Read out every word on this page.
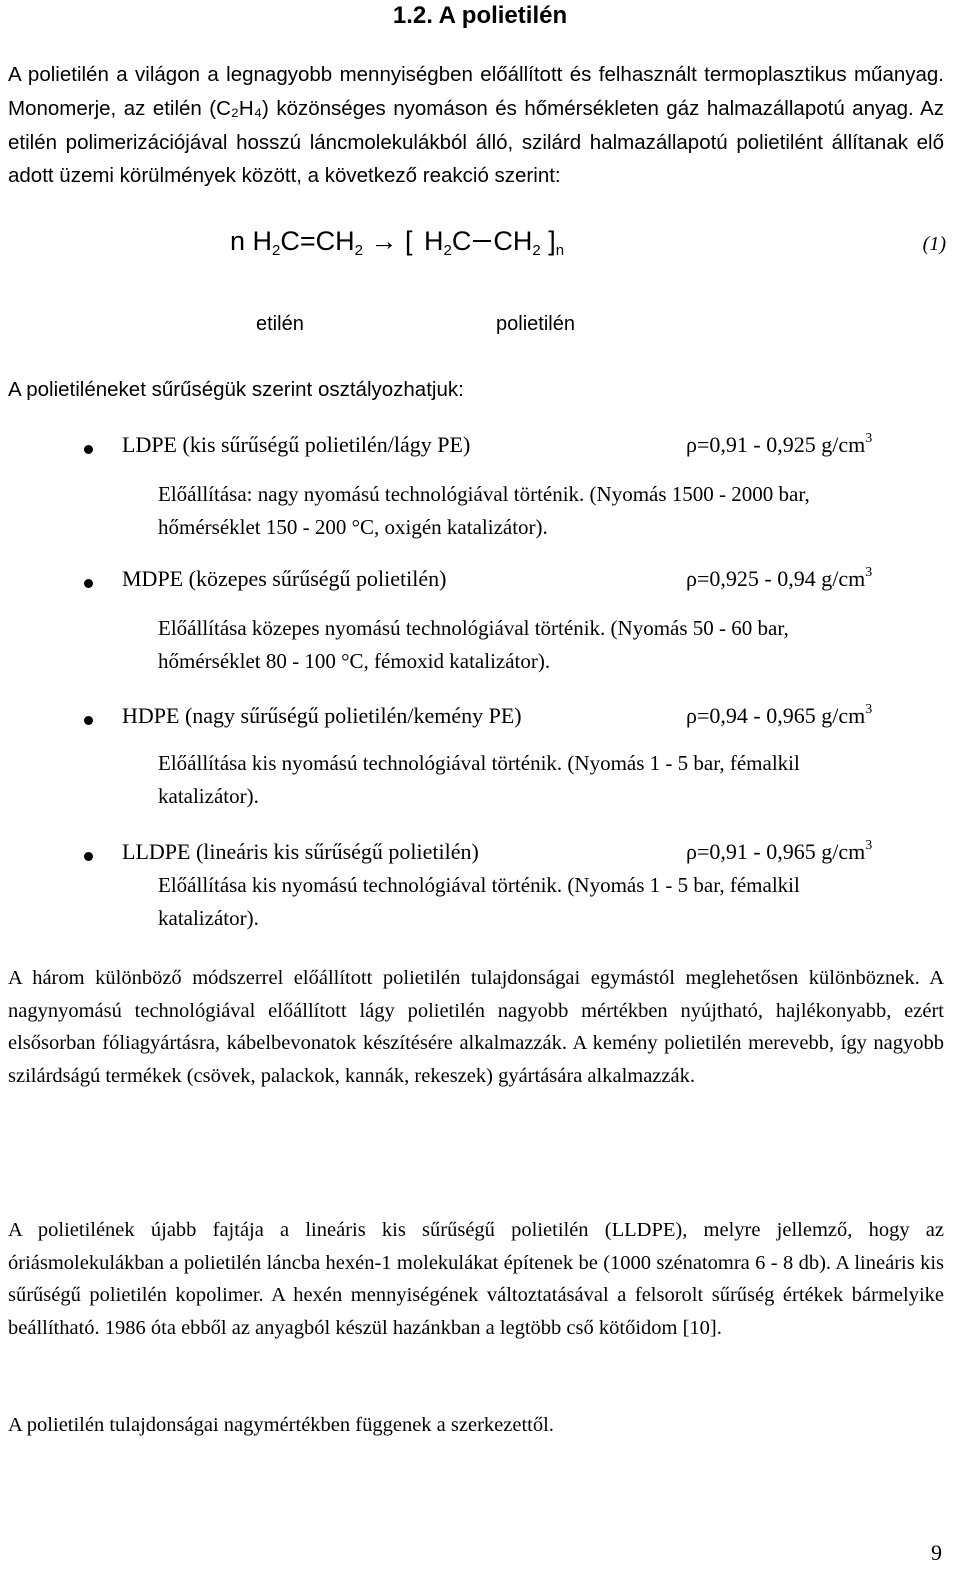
1.2. A polietilén
A polietilén a világon a legnagyobb mennyiségben előállított és felhasznált termoplasztikus műanyag. Monomerje, az etilén (C₂H₄) közönséges nyomáson és hőmérsékleten gáz halmazállapotú anyag. Az etilén polimerizációjával hosszú láncmolekulákból álló, szilárd halmazállapotú polietilént állítanak elő adott üzemi körülmények között, a következő reakció szerint:
n $H_2C=CH_2$ → [ $H_2C$ $CH_2$ ]$_n$	(1)
etilén	polietilén
A polietiléneket sűrűségük szerint osztályozhatjuk:
LDPE (kis sűrűségű polietilén/lágy PE)	ρ=0,91 - 0,925 $g/cm^3$
Előállítása: nagy nyomású technológiával történik. (Nyomás 1500 - 2000 bar, hőmérséklet 150 - 200 °C, oxigén katalizátor).
MDPE (közepes sűrűségű polietilén)	ρ=0,925 - 0,94 $g/cm^3$
Előállítása közepes nyomású technológiával történik. (Nyomás 50 - 60 bar, hőmérséklet 80 - 100 °C, fémoxid katalizátor).
HDPE (nagy sűrűségű polietilén/kemény PE)	ρ=0,94 - 0,965 $g/cm^3$
Előállítása kis nyomású technológiával történik. (Nyomás 1 - 5 bar, fémalkil katalizátor).
LLDPE (lineáris kis sűrűségű polietilén)	ρ=0,91 - 0,965 $g/cm^3$
Előállítása kis nyomású technológiával történik. (Nyomás 1 - 5 bar, fémalkil katalizátor).
A három különböző módszerrel előállított polietilén tulajdonságai egymástól meglehetősen különböznek. A nagynyomású technológiával előállított lágy polietilén nagyobb mértékben nyújtható, hajlékonyabb, ezért elsősorban fóliagyártásra, kábelbevonatok készítésére alkalmazzák. A kemény polietilén merevebb, így nagyobb szilárdságú termékek (csövek, palackok, kannák, rekeszek) gyártására alkalmazzák.
A polietilének újabb fajtája a lineáris kis sűrűségű polietilén (LLDPE), melyre jellemző, hogy az óriásmolekulákban a polietilén láncba hexén-1 molekulákat építenek be (1000 szénatomra 6 - 8 db). A lineáris kis sűrűségű polietilén kopolimer. A hexén mennyiségének változtatásával a felsorolt sűrűség értékek bármelyike beállítható. 1986 óta ebből az anyagból készül hazánkban a legtöbb cső kötőidom [10].
A polietilén tulajdonságai nagymértékben függenek a szerkezettől.
9
